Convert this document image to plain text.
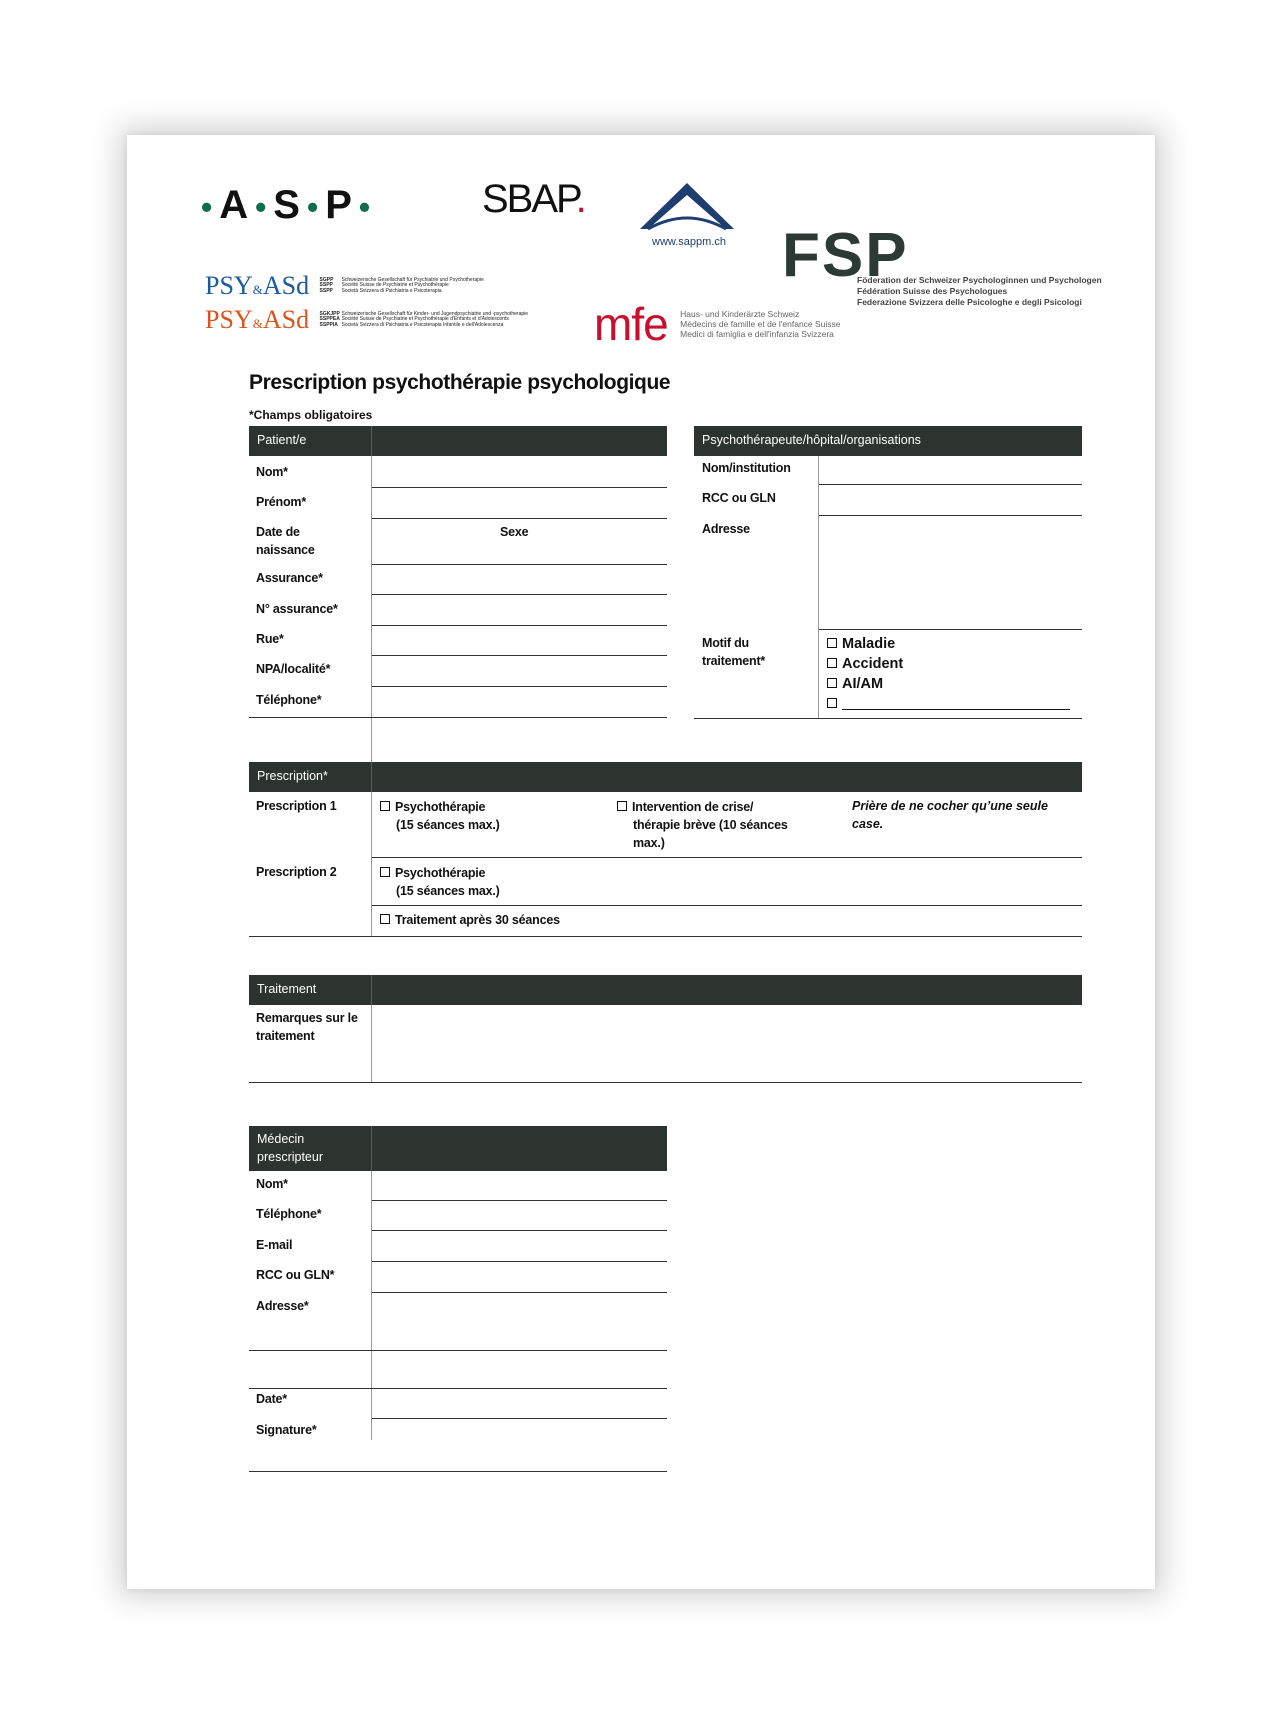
• A • S • P •	SBAP.
www.sappm.ch FSP
Föderation der Schweizer Psychologinnen und Psychologen
Fédération Suisse des Psychologues
Federazione Svizzera delle Psicologhe e degli Psicologi
PSY&ASd SGPP Schweizerische Gesellschaft für Psychiatrie und Psychotherapie
SSPP Société Suisse de Psychiatrie et Psychothérapie
SSPP Società Svizzera di Psichiatria e Psicoterapia
PSY&ASd SGKJPP Schweizerische Gesellschaft für Kinder- und Jugendpsychiatrie und -psychotherapie
SSPPEA Société Suisse de Psychiatrie et Psychothérapie d'Enfants et d'Adolescents
SSPPIA Società Svizzera di Psichiatria e Psicoterapia Infantile e dell'Adolescenza	mfe Haus- und Kinderärzte Schweiz
Médecins de famille et de l'enfance Suisse
Medici di famiglia e dell'infanzia Svizzera
Prescription psychothérapie psychologique
*Champs obligatoires
Patient/e
Nom*
Prénom*
Date de naissance
Sexe
Assurance*
N° assurance*
Rue*
NPA/localité*
Téléphone*
Psychothérapeute/hôpital/organisations
Nom/institution
RCC ou GLN
Adresse
Motif du traitement*
Maladie
Accident
AI/AM
Prescription*
Prescription 1	Psychothérapie
(15 séances max.)
Intervention de crise/
thérapie brève (10 séances
max.)
Prière de ne cocher qu’une seule case.
Prescription 2	Psychothérapie
(15 séances max.)
Traitement après 30 séances
Traitement
Remarques sur le traitement
Médecin prescripteur
Nom*
Téléphone*
E-mail
RCC ou GLN*
Adresse*
Date*
Signature*
